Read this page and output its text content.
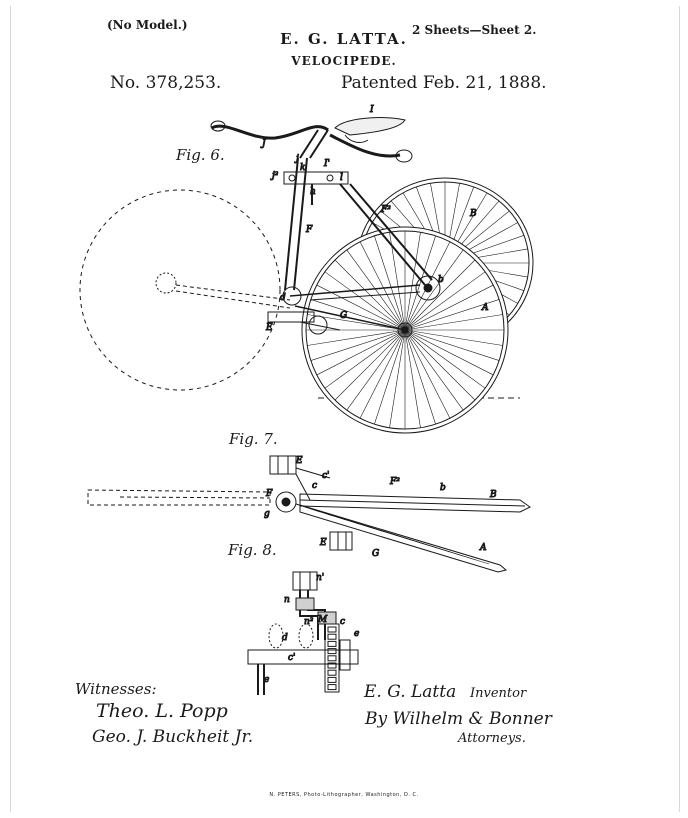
(No Model.)	2 Sheets—Sheet 2.
E. G. LATTA.
VELOCIPEDE.
No. 378,253.	Patented Feb. 21, 1888.
I
J
j
j²
k
h
I'
l
F
F²	B
b
A
G
E
d
E
c'
c
F
g
F²
b
B
E
G
A
n'
n
n² M c
e
d
c'
e
Fig. 6.
Fig. 7.
Fig. 8.
Witnesses:
Theo. L. Popp
Geo. J. Buckheit Jr.
E. G. Latta Inventor
By Wilhelm & Bonner
Attorneys.
N. PETERS, Photo-Lithographer, Washington, D. C.
